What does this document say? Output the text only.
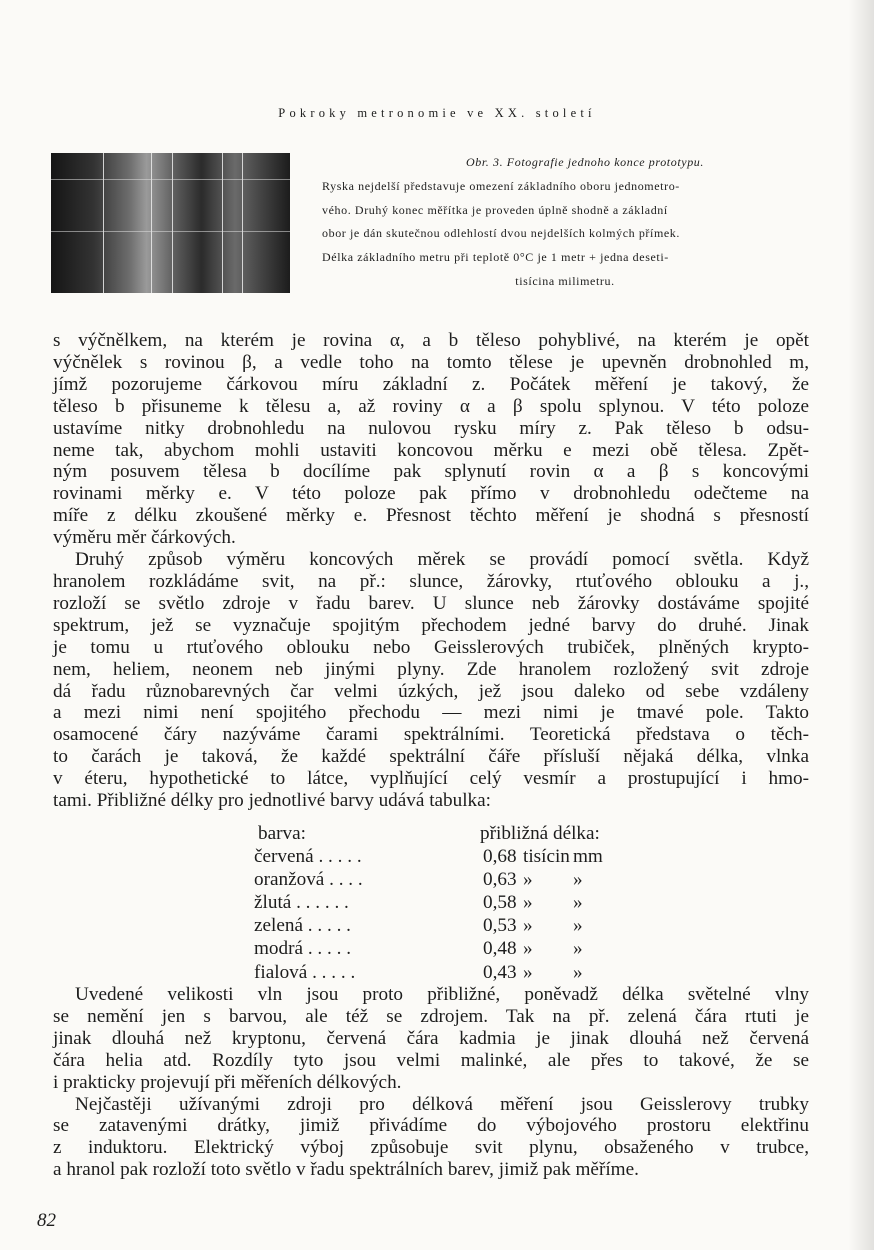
Pokroky metronomie ve XX. století
Obr. 3. Fotografie jednoho konce prototypu.
Ryska nejdelší představuje omezení základního oboru jednometro-
vého. Druhý konec měřítka je proveden úplně shodně a základní
obor je dán skutečnou odlehlostí dvou nejdelších kolmých přímek.
Délka základního metru při teplotě 0°C je 1 metr + jedna deseti-
tisícina milimetru.

s výčnělkem, na kterém je rovina α, a b těleso pohyblivé, na kterém je opět
výčnělek s rovinou β, a vedle toho na tomto tělese je upevněn drobnohled m,
jímž pozorujeme čárkovou míru základní z. Počátek měření je takový, že
těleso b přisuneme k tělesu a, až roviny α a β spolu splynou. V této poloze
ustavíme nitky drobnohledu na nulovou rysku míry z. Pak těleso b odsu-
neme tak, abychom mohli ustaviti koncovou měrku e mezi obě tělesa. Zpět-
ným posuvem tělesa b docílíme pak splynutí rovin α a β s koncovými
rovinami měrky e. V této poloze pak přímo v drobnohledu odečteme na
míře z délku zkoušené měrky e. Přesnost těchto měření je shodná s přesností
výměru měr čárkových.

Druhý způsob výměru koncových měrek se provádí pomocí světla. Když
hranolem rozkládáme svit, na př.: slunce, žárovky, rtuťového oblouku a j.,
rozloží se světlo zdroje v řadu barev. U slunce neb žárovky dostáváme spojité
spektrum, jež se vyznačuje spojitým přechodem jedné barvy do druhé. Jinak
je tomu u rtuťového oblouku nebo Geisslerových trubiček, plněných krypto-
nem, heliem, neonem neb jinými plyny. Zde hranolem rozložený svit zdroje
dá řadu různobarevných čar velmi úzkých, jež jsou daleko od sebe vzdáleny
a mezi nimi není spojitého přechodu — mezi nimi je tmavé pole. Takto
osamocené čáry nazýváme čarami spektrálními. Teoretická představa o těch-
to čarách je taková, že každé spektrální čáře přísluší nějaká délka, vlnka
v éteru, hypothetické to látce, vyplňující celý vesmír a prostupující i hmo-
tami. Přibližné délky pro jednotlivé barvy udává tabulka:

barva:	přibližná délka:
červená . . . . .	0,68 tisícin mm
oranžová . . . .	0,63 » »
žlutá . . . . . .	0,58 » »
zelená . . . . .	0,53 » »
modrá . . . . .	0,48 » »
fialová . . . . .	0,43 » »

Uvedené velikosti vln jsou proto přibližné, poněvadž délka světelné vlny
se nemění jen s barvou, ale též se zdrojem. Tak na př. zelená čára rtuti je
jinak dlouhá než kryptonu, červená čára kadmia je jinak dlouhá než červená
čára helia atd. Rozdíly tyto jsou velmi malinké, ale přes to takové, že se
i prakticky projevují při měřeních délkových.

Nejčastěji užívanými zdroji pro délková měření jsou Geisslerovy trubky
se zatavenými drátky, jimiž přivádíme do výbojového prostoru elektřinu
z induktoru. Elektrický výboj způsobuje svit plynu, obsaženého v trubce,
a hranol pak rozloží toto světlo v řadu spektrálních barev, jimiž pak měříme.

82
